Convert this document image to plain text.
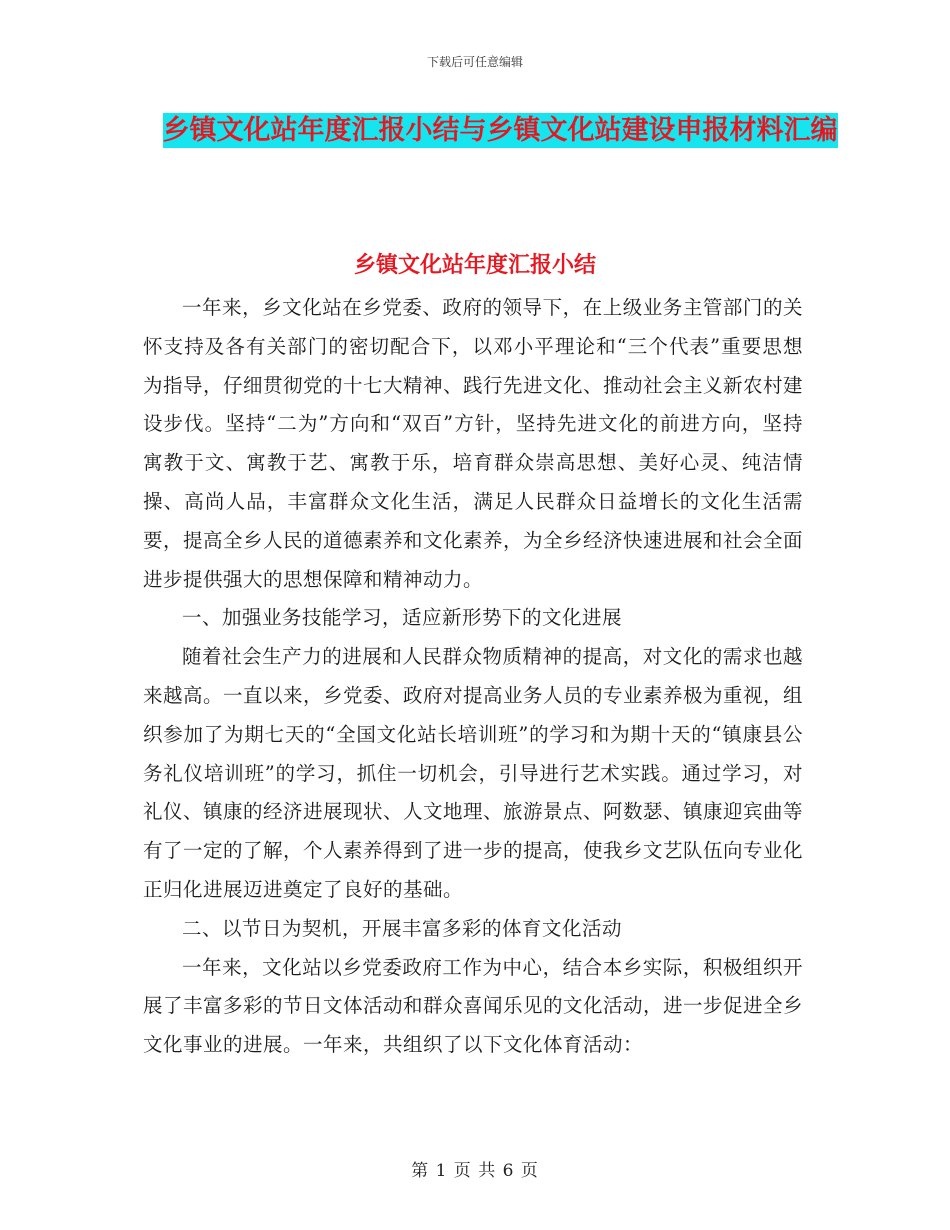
下载后可任意编辑
乡镇文化站年度汇报小结与乡镇文化站建设申报材料汇编
乡镇文化站年度汇报小结

一年来，乡文化站在乡党委、政府的领导下，在上级业务主管部门的关怀支持及各有关部门的密切配合下，以邓小平理论和“三个代表”重要思想为指导，仔细贯彻党的十七大精神、践行先进文化、推动社会主义新农村建设步伐。坚持“二为”方向和“双百”方针，坚持先进文化的前进方向，坚持寓教于文、寓教于艺、寓教于乐，培育群众崇高思想、美好心灵、纯洁情操、高尚人品，丰富群众文化生活，满足人民群众日益增长的文化生活需要，提高全乡人民的道德素养和文化素养，为全乡经济快速进展和社会全面进步提供强大的思想保障和精神动力。

一、加强业务技能学习，适应新形势下的文化进展

随着社会生产力的进展和人民群众物质精神的提高，对文化的需求也越来越高。一直以来，乡党委、政府对提高业务人员的专业素养极为重视，组织参加了为期七天的“全国文化站长培训班”的学习和为期十天的“镇康县公务礼仪培训班”的学习，抓住一切机会，引导进行艺术实践。通过学习，对礼仪、镇康的经济进展现状、人文地理、旅游景点、阿数瑟、镇康迎宾曲等有了一定的了解，个人素养得到了进一步的提高，使我乡文艺队伍向专业化正归化进展迈进奠定了良好的基础。

二、以节日为契机，开展丰富多彩的体育文化活动

一年来，文化站以乡党委政府工作为中心，结合本乡实际，积极组织开展了丰富多彩的节日文体活动和群众喜闻乐见的文化活动，进一步促进全乡文化事业的进展。一年来，共组织了以下文化体育活动：

第 1 页 共 6 页
